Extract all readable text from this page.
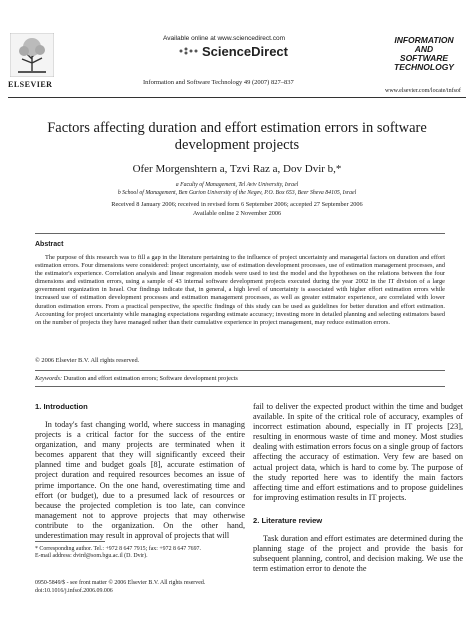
ELSEVIER
Available online at www.sciencedirect.com
ScienceDirect
Information and Software Technology 49 (2007) 827–837
INFORMATION
AND
SOFTWARE
TECHNOLOGY
www.elsevier.com/locate/infsof
Factors affecting duration and effort estimation errors in software development projects
Ofer Morgenshtern a, Tzvi Raz a, Dov Dvir b,*
a Faculty of Management, Tel Aviv University, Israel
b School of Management, Ben Gurion University of the Negev, P.O. Box 653, Beer Sheva 84105, Israel
Received 8 January 2006; received in revised form 6 September 2006; accepted 27 September 2006
Available online 2 November 2006
Abstract
The purpose of this research was to fill a gap in the literature pertaining to the influence of project uncertainty and managerial factors on duration and effort estimation errors. Four dimensions were considered: project uncertainty, use of estimation development processes, use of estimation management processes, and the estimator's experience. Correlation analysis and linear regression models were used to test the model and the hypotheses on the relations between the four dimensions and estimation errors, using a sample of 43 internal software development projects executed during the year 2002 in the IT division of a large government organization in Israel. Our findings indicate that, in general, a high level of uncertainty is associated with higher effort estimation errors while increased use of estimation development processes and estimation management processes, as well as greater estimator experience, are correlated with lower duration estimation errors. From a practical perspective, the specific findings of this study can be used as guidelines for better duration and effort estimation. Accounting for project uncertainty while managing expectations regarding estimate accuracy; investing more in detailed planning and selecting estimators based on the number of projects they have managed rather than their cumulative experience in project management, may reduce estimation errors.
© 2006 Elsevier B.V. All rights reserved.
Keywords: Duration and effort estimation errors; Software development projects
1. Introduction

In today's fast changing world, where success in managing projects is a critical factor for the success of the entire organization, and many projects are terminated when it becomes apparent that they will significantly exceed their planned time and budget goals [8], accurate estimation of project duration and required resources becomes an issue of prime importance. On the one hand, overestimating time and effort (or budget), due to a presumed lack of resources or because the projected completion is too late, can convince management not to approve projects that may otherwise contribute to the organization. On the other hand, underestimation may result in approval of projects that will

* Corresponding author. Tel.: +972 8 647 7915; fax: +972 8 647 7697.
E-mail address: dvird@som.bgu.ac.il (D. Dvir).
0950-5849/$ - see front matter © 2006 Elsevier B.V. All rights reserved.
doi:10.1016/j.infsof.2006.09.006

fail to deliver the expected product within the time and budget available. In spite of the critical role of accuracy, examples of incorrect estimation abound, especially in IT projects [23], resulting in enormous waste of time and money. Most studies dealing with estimation errors focus on a single group of factors affecting the accuracy of estimation. Very few are based on actual project data, which is hard to come by. The purpose of the study reported here was to identify the main factors affecting time and effort estimations and to propose guidelines for improving estimation results in IT projects.

2. Literature review

Task duration and effort estimates are determined during the planning stage of the project and provide the basis for subsequent planning, control, and decision making. We use the term estimation error to denote the
